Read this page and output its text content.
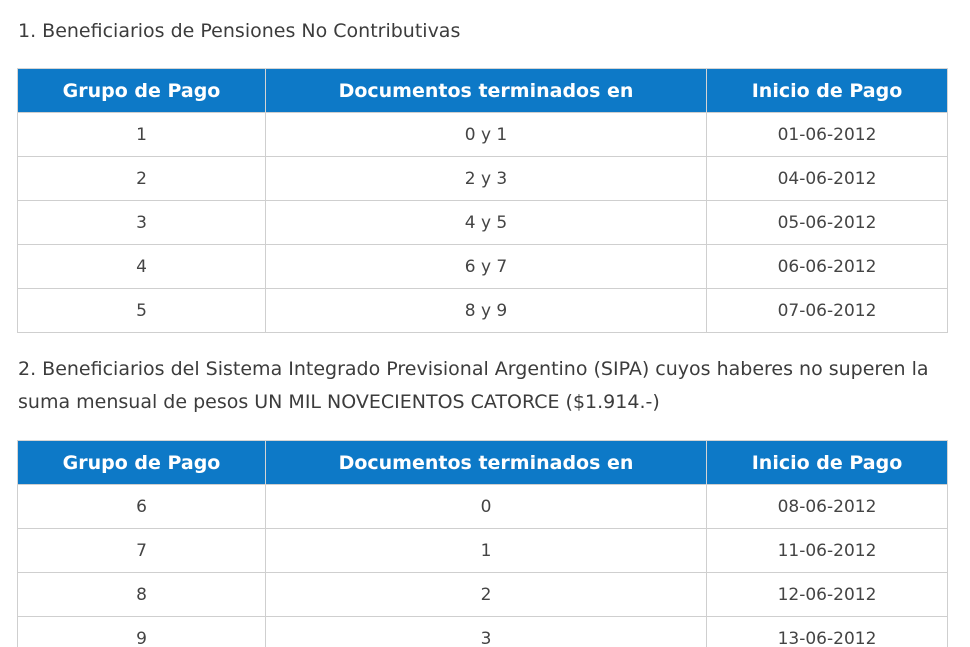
1. Beneficiarios de Pensiones No Contributivas

Grupo de Pago	Documentos terminados en	Inicio de Pago
1	0 y 1	01-06-2012
2	2 y 3	04-06-2012
3	4 y 5	05-06-2012
4	6 y 7	06-06-2012
5	8 y 9	07-06-2012

2. Beneficiarios del Sistema Integrado Previsional Argentino (SIPA) cuyos haberes no superen la suma mensual de pesos UN MIL NOVECIENTOS CATORCE ($1.914.-)

Grupo de Pago	Documentos terminados en	Inicio de Pago
6	0	08-06-2012
7	1	11-06-2012
8	2	12-06-2012
9	3	13-06-2012
